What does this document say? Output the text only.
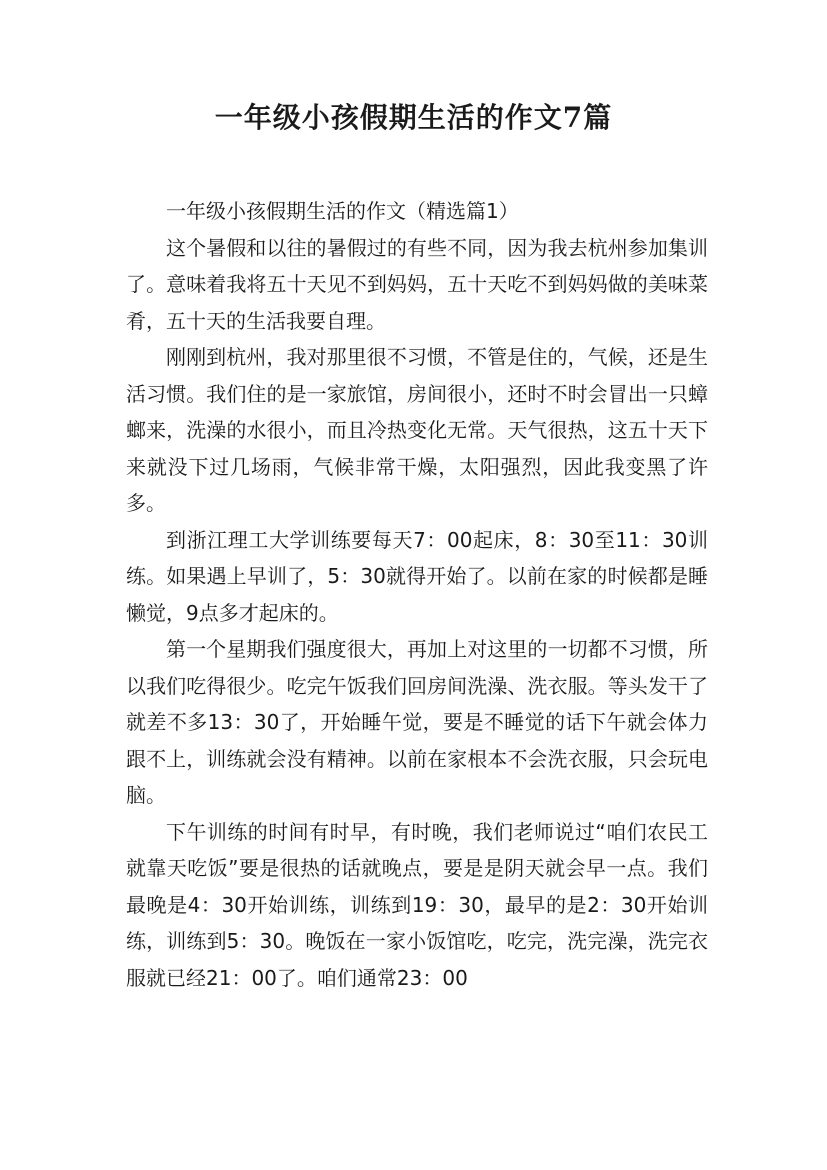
一年级小孩假期生活的作文7篇

一年级小孩假期生活的作文（精选篇1）

这个暑假和以往的暑假过的有些不同，因为我去杭州参加集训了。意味着我将五十天见不到妈妈，五十天吃不到妈妈做的美味菜肴，五十天的生活我要自理。

刚刚到杭州，我对那里很不习惯，不管是住的，气候，还是生活习惯。我们住的是一家旅馆，房间很小，还时不时会冒出一只蟑螂来，洗澡的水很小，而且冷热变化无常。天气很热，这五十天下来就没下过几场雨，气候非常干燥，太阳强烈，因此我变黑了许多。

到浙江理工大学训练要每天7：00起床，8：30至11：30训练。如果遇上早训了，5：30就得开始了。以前在家的时候都是睡懒觉，9点多才起床的。

第一个星期我们强度很大，再加上对这里的一切都不习惯，所以我们吃得很少。吃完午饭我们回房间洗澡、洗衣服。等头发干了就差不多13：30了，开始睡午觉，要是不睡觉的话下午就会体力跟不上，训练就会没有精神。以前在家根本不会洗衣服，只会玩电脑。

下午训练的时间有时早，有时晚，我们老师说过“咱们农民工就靠天吃饭”要是很热的话就晚点，要是是阴天就会早一点。我们最晚是4：30开始训练，训练到19：30，最早的是2：30开始训练，训练到5：30。晚饭在一家小饭馆吃，吃完，洗完澡，洗完衣服就已经21：00了。咱们通常23：00
